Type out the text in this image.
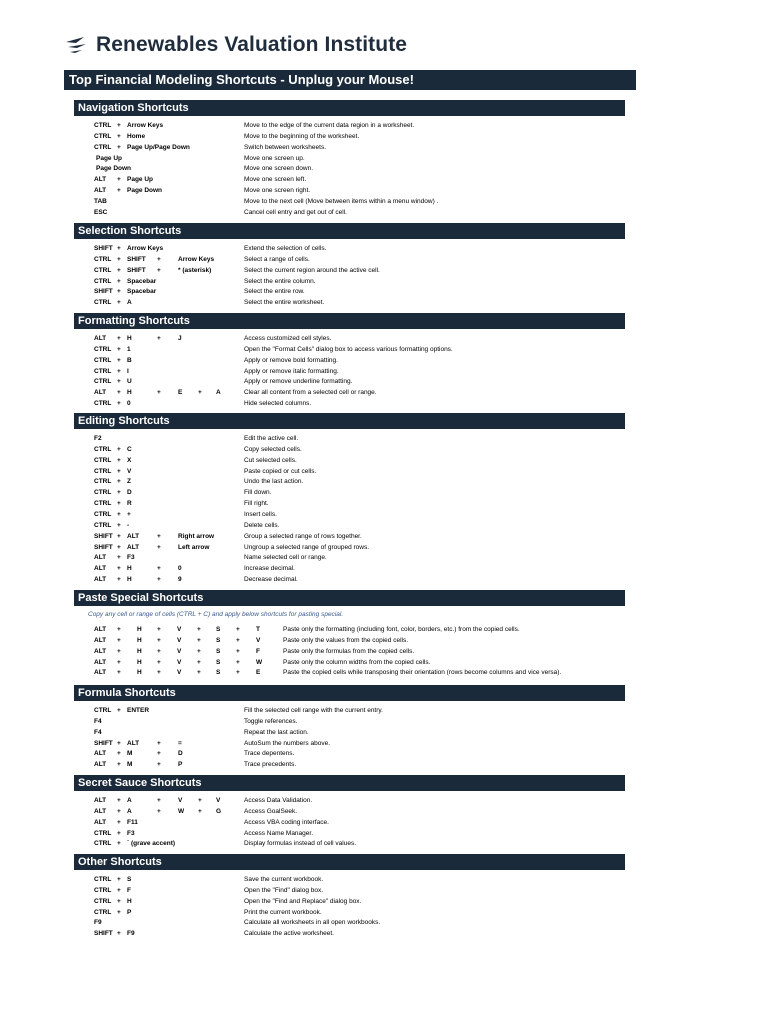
Renewables Valuation Institute
Top Financial Modeling Shortcuts - Unplug your Mouse!
Navigation Shortcuts
CTRL + Arrow Keys	Move to the edge of the current data region in a worksheet.
CTRL + Home	Move to the beginning of the worksheet.
CTRL + Page Up/Page Down	Switch between worksheets.
Page Up	Move one screen up.
Page Down	Move one screen down.
ALT + Page Up	Move one screen left.
ALT + Page Down	Move one screen right.
TAB	Move to the next cell (Move between items within a menu window) .
ESC	Cancel cell entry and get out of cell.
Selection Shortcuts
SHIFT + Arrow Keys	Extend the selection of cells.
CTRL + SHIFT +	Arrow Keys	Select a range of cells.
CTRL + SHIFT +	* (asterisk)	Select the current region around the active cell.
CTRL + Spacebar	Select the entire column.
SHIFT + Spacebar	Select the entire row.
CTRL + A	Select the entire worksheet.
Formatting Shortcuts
ALT + H	+	J	Access customized cell styles.
CTRL + 1	Open the "Format Cells" dialog box to access various formatting options.
CTRL + B	Apply or remove bold formatting.
CTRL + I	Apply or remove italic formatting.
CTRL + U	Apply or remove underline formatting.
ALT + H	+	E + A	Clear all content from a selected cell or range.
CTRL + 0	Hide selected columns.
Editing Shortcuts
F2	Edit the active cell.
CTRL + C	Copy selected cells.
CTRL + X	Cut selected cells.
CTRL + V	Paste copied or cut cells.
CTRL + Z	Undo the last action.
CTRL + D	Fill down.
CTRL + R	Fill right.
CTRL + +	Insert cells.
CTRL + -	Delete cells.
SHIFT + ALT	+	Right arrow	Group a selected range of rows together.
SHIFT + ALT	+	Left arrow	Ungroup a selected range of grouped rows.
ALT + F3	Name selected cell or range.
ALT + H	+	0	Increase decimal.
ALT + H	+	9	Decrease decimal.
Paste Special Shortcuts
Copy any cell or range of cells (CTRL + C) and apply below shortcuts for pasting special.
ALT + H + V + S + T	Paste only the formatting (including font, color, borders, etc.) from the copied cells.
ALT + H + V + S + V	Paste only the values from the copied cells.
ALT + H + V + S + F	Paste only the formulas from the copied cells.
ALT + H + V + S + W	Paste only the column widths from the copied cells.
ALT + H + V + S + E	Paste the copied cells while transposing their orientation (rows become columns and vice versa).
Formula Shortcuts
CTRL + ENTER	Fill the selected cell range with the current entry.
F4	Toggle references.
F4	Repeat the last action.
SHIFT + ALT	+	=	AutoSum the numbers above.
ALT + M	+	D	Trace depentens.
ALT + M	+	P	Trace precedents.
Secret Sauce Shortcuts
ALT + A	+	V + V	Access Data Validation.
ALT + A	+	W + G	Access GoalSeek.
ALT + F11	Access VBA coding interface.
CTRL + F3	Access Name Manager.
CTRL + ` (grave accent)	Display formulas instead of cell values.
Other Shortcuts
CTRL + S	Save the current workbook.
CTRL + F	Open the "Find" dialog box.
CTRL + H	Open the "Find and Replace" dialog box.
CTRL + P	Print the current workbook.
F9	Calculate all worksheets in all open workbooks.
SHIFT + F9	Calculate the active worksheet.
